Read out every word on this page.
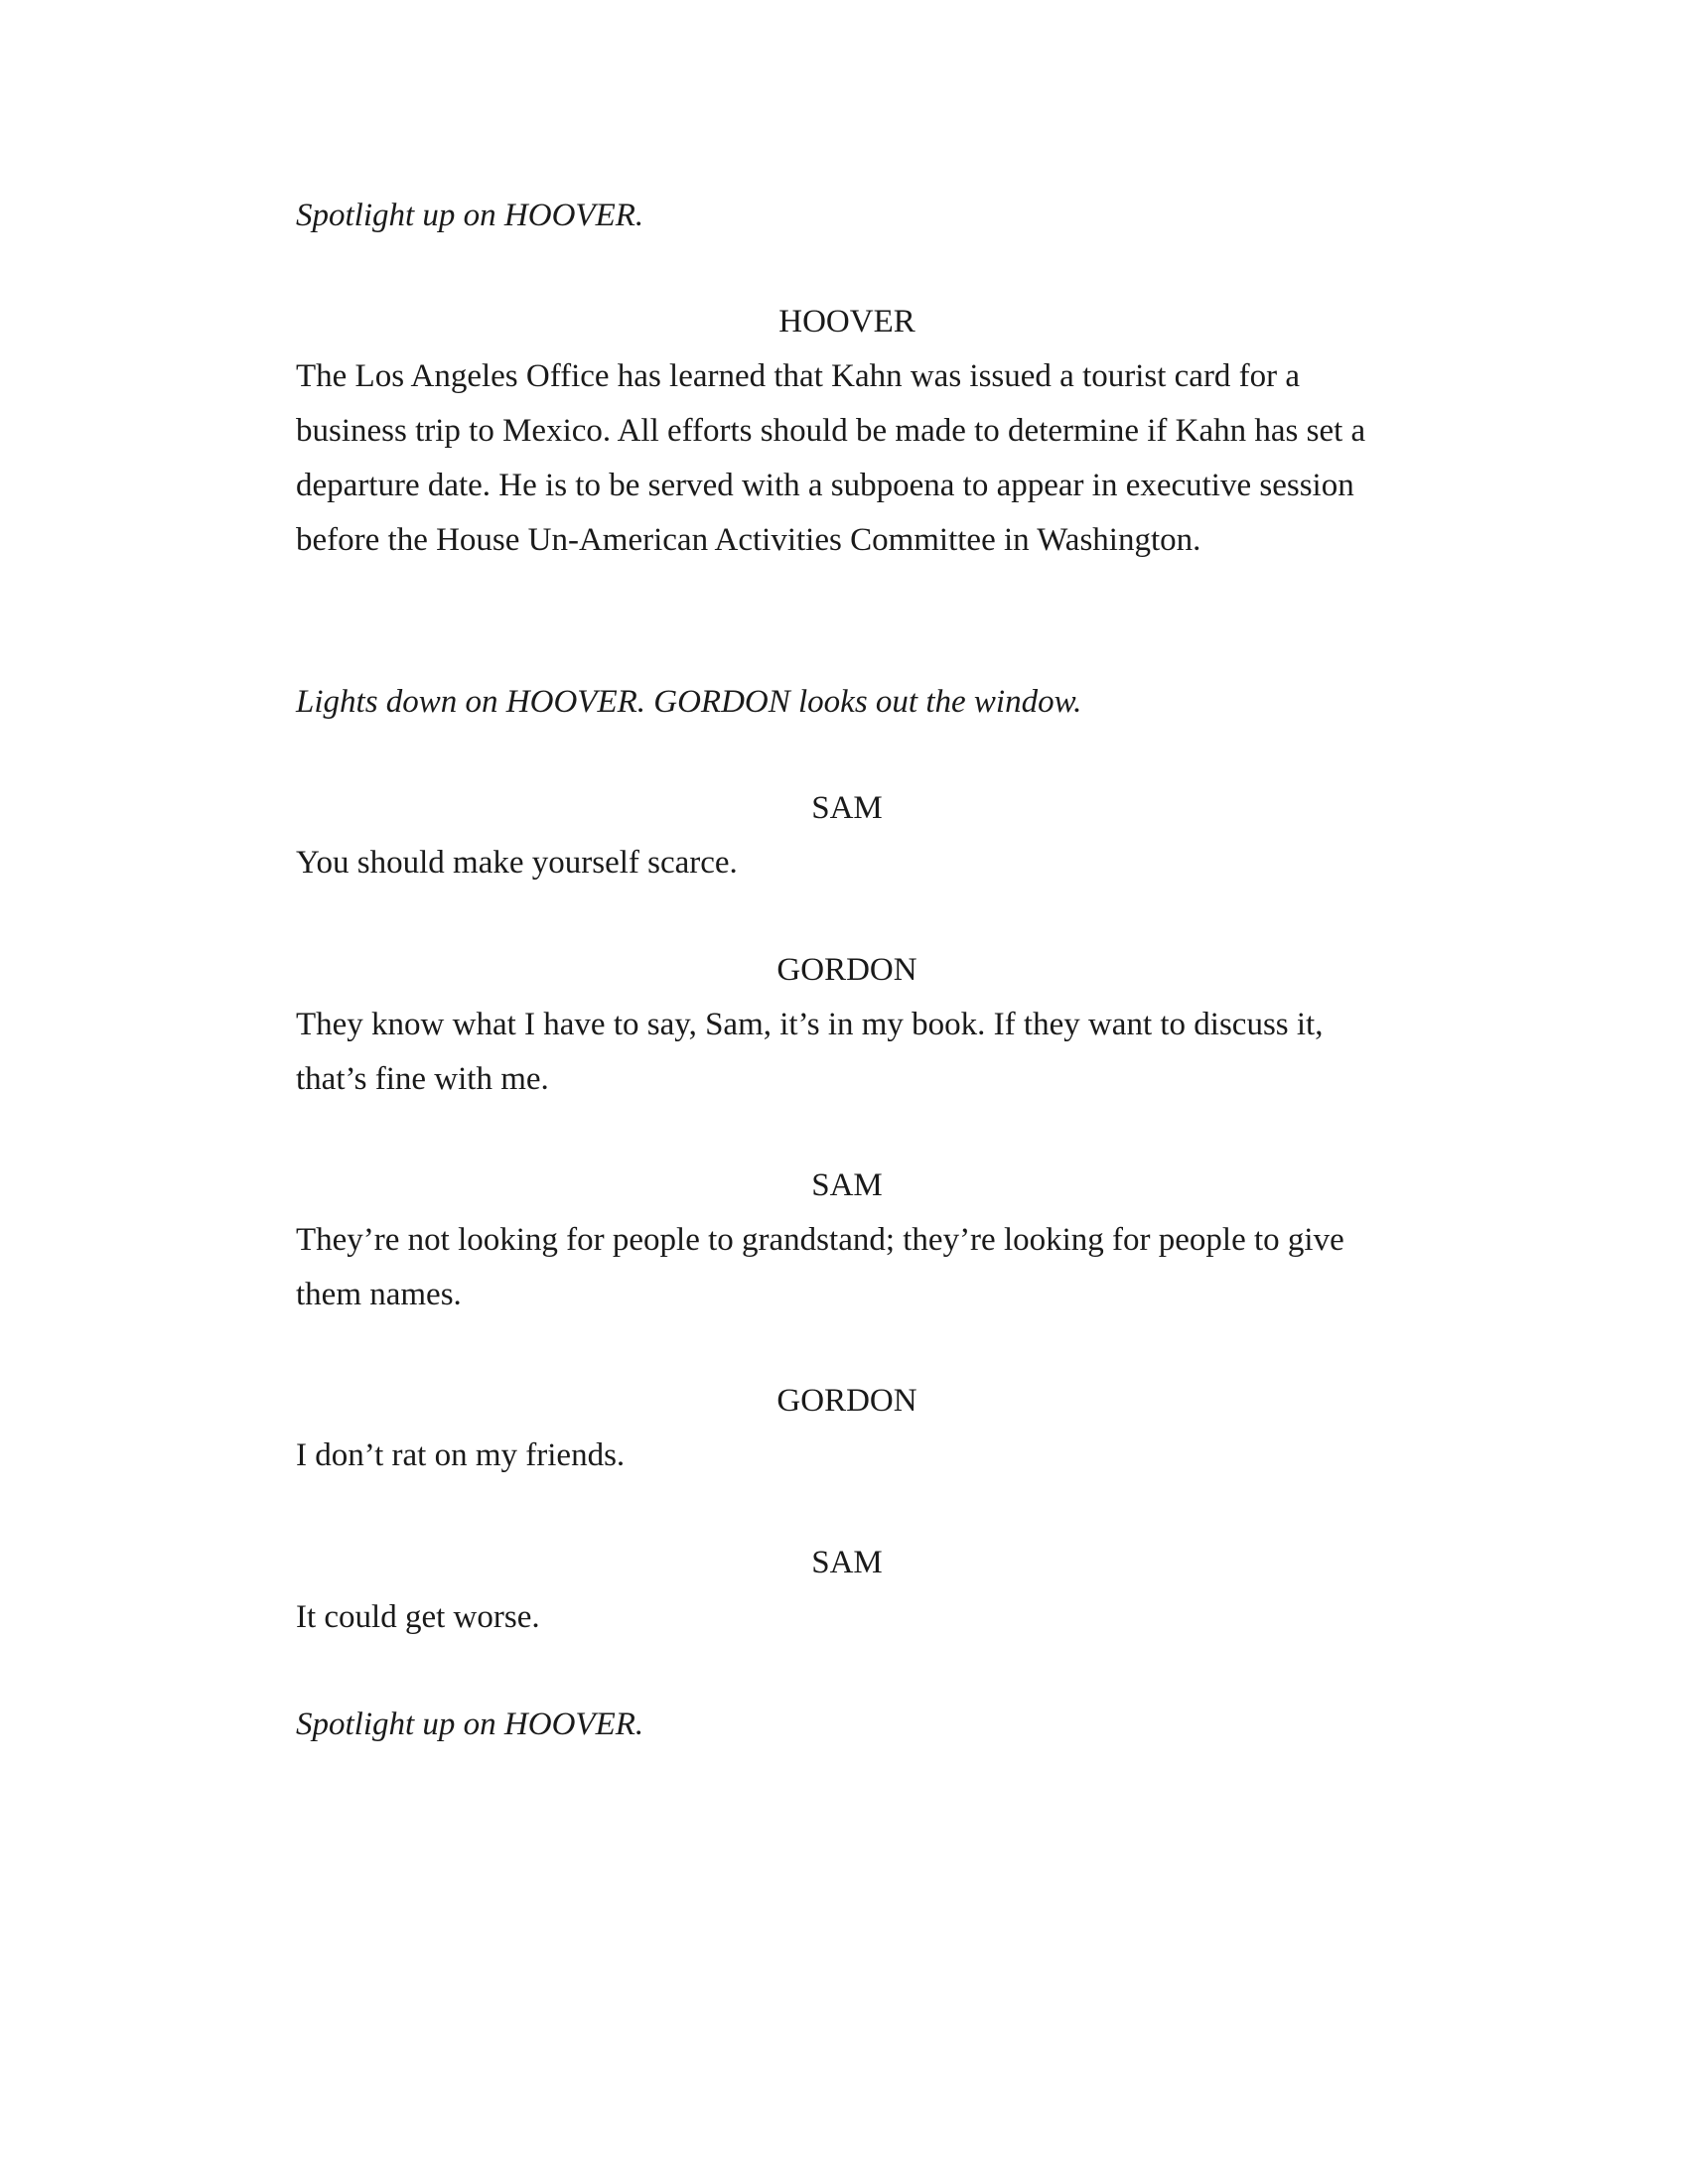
Spotlight up on HOOVER.

HOOVER

The Los Angeles Office has learned that Kahn was issued a tourist card for a business trip to Mexico. All efforts should be made to determine if Kahn has set a departure date. He is to be served with a subpoena to appear in executive session before the House Un-American Activities Committee in Washington.

Lights down on HOOVER. GORDON looks out the window.

SAM

You should make yourself scarce.

GORDON

They know what I have to say, Sam, it’s in my book. If they want to discuss it, that’s fine with me.

SAM

They’re not looking for people to grandstand; they’re looking for people to give them names.

GORDON

I don’t rat on my friends.

SAM

It could get worse.

Spotlight up on HOOVER.
